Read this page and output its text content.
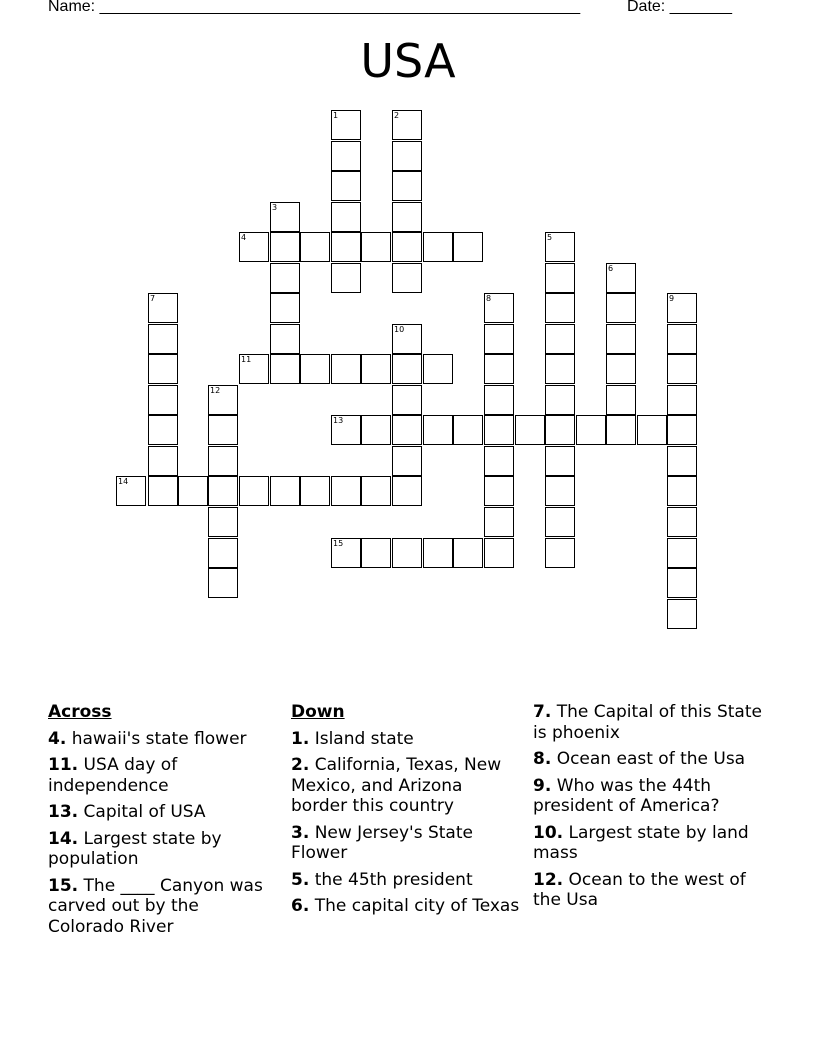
Name: ______________________________________________________	Date: _______
USA
1	2
3
4	5
6
7	8	9
10
11
12
13
14
15
Across
4. hawaii's state flower
11. USA day of independence
13. Capital of USA
14. Largest state by population
15. The ____ Canyon was carved out by the Colorado River
Down
1. Island state
2. California, Texas, New Mexico, and Arizona border this country
3. New Jersey's State Flower
5. the 45th president
6. The capital city of Texas
7. The Capital of this State is phoenix
8. Ocean east of the Usa
9. Who was the 44th president of America?
10. Largest state by land mass
12. Ocean to the west of the Usa
